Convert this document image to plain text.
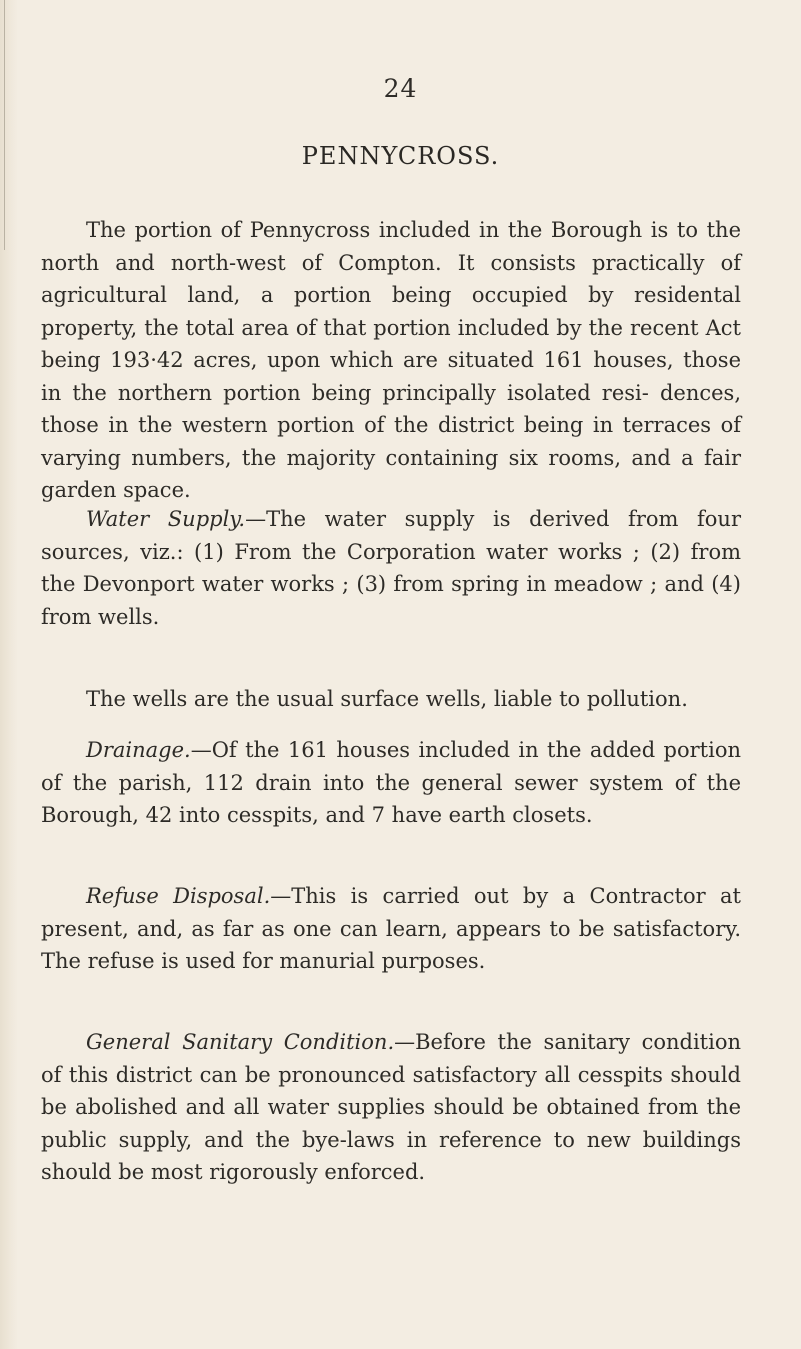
24
PENNYCROSS.

The portion of Pennycross included in the Borough is to the north and north-west of Compton. It consists practically of agricultural land, a portion being occupied by residental property, the total area of that portion included by the recent Act being 193·42 acres, upon which are situated 161 houses, those in the northern portion being principally isolated resi- dences, those in the western portion of the district being in terraces of varying numbers, the majority containing six rooms, and a fair garden space.

Water Supply.—The water supply is derived from four sources, viz.: (1) From the Corporation water works ; (2) from the Devonport water works ; (3) from spring in meadow ; and (4) from wells.

The wells are the usual surface wells, liable to pollution.

Drainage.—Of the 161 houses included in the added portion of the parish, 112 drain into the general sewer system of the Borough, 42 into cesspits, and 7 have earth closets.

Refuse Disposal.—This is carried out by a Contractor at present, and, as far as one can learn, appears to be satisfactory. The refuse is used for manurial purposes.

General Sanitary Condition.—Before the sanitary condition of this district can be pronounced satisfactory all cesspits should be abolished and all water supplies should be obtained from the public supply, and the bye-laws in reference to new buildings should be most rigorously enforced.
